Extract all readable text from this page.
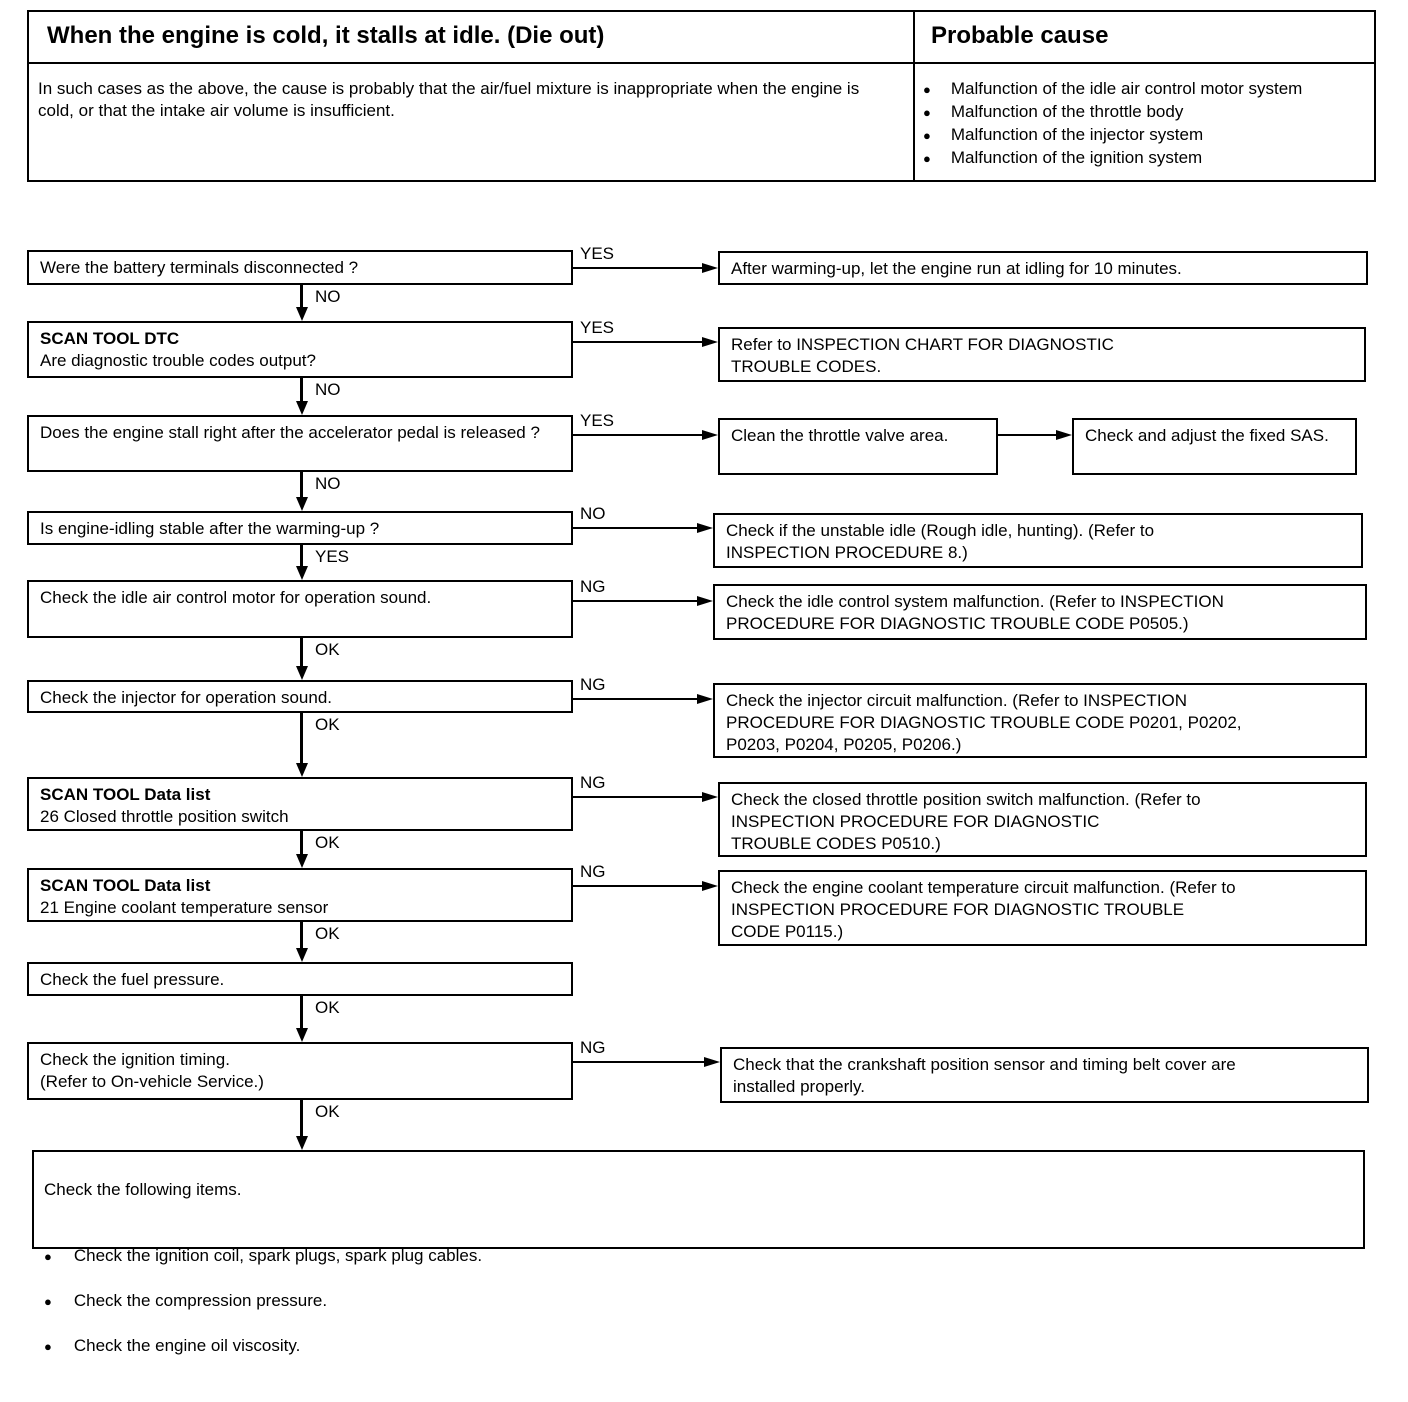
When the engine is cold, it stalls at idle. (Die out)	Probable cause
In such cases as the above, the cause is probably that the air/fuel mixture is inappropriate when the engine is cold, or that the intake air volume is insufficient.
● Malfunction of the idle air control motor system
● Malfunction of the throttle body
● Malfunction of the injector system
● Malfunction of the ignition system
Were the battery terminals disconnected ?
NO
YES
After warming-up, let the engine run at idling for 10 minutes.
SCAN TOOL DTC
Are diagnostic trouble codes output?
NO
YES
Refer to INSPECTION CHART FOR DIAGNOSTIC
TROUBLE CODES.
Does the engine stall right after the accelerator pedal is released ?
NO
YES
Clean the throttle valve area.	Check and adjust the fixed SAS.
Is engine-idling stable after the warming-up ?
YES
NO
Check if the unstable idle (Rough idle, hunting). (Refer to
INSPECTION PROCEDURE 8.)
Check the idle air control motor for operation sound.
OK
NG
Check the idle control system malfunction. (Refer to INSPECTION
PROCEDURE FOR DIAGNOSTIC TROUBLE CODE P0505.)
Check the injector for operation sound.
OK
NG
Check the injector circuit malfunction. (Refer to INSPECTION
PROCEDURE FOR DIAGNOSTIC TROUBLE CODE P0201, P0202,
P0203, P0204, P0205, P0206.)
SCAN TOOL Data list
26 Closed throttle position switch
OK
NG
Check the closed throttle position switch malfunction. (Refer to
INSPECTION PROCEDURE FOR DIAGNOSTIC
TROUBLE CODES P0510.)
SCAN TOOL Data list
21 Engine coolant temperature sensor
OK
NG
Check the engine coolant temperature circuit malfunction. (Refer to
INSPECTION PROCEDURE FOR DIAGNOSTIC TROUBLE
CODE P0115.)
Check the fuel pressure.
OK
Check the ignition timing.
(Refer to On-vehicle Service.)
OK
NG
Check that the crankshaft position sensor and timing belt cover are
installed properly.

Check the following items.

● Check the ignition coil, spark plugs, spark plug cables.

● Check the compression pressure.

● Check the engine oil viscosity.
